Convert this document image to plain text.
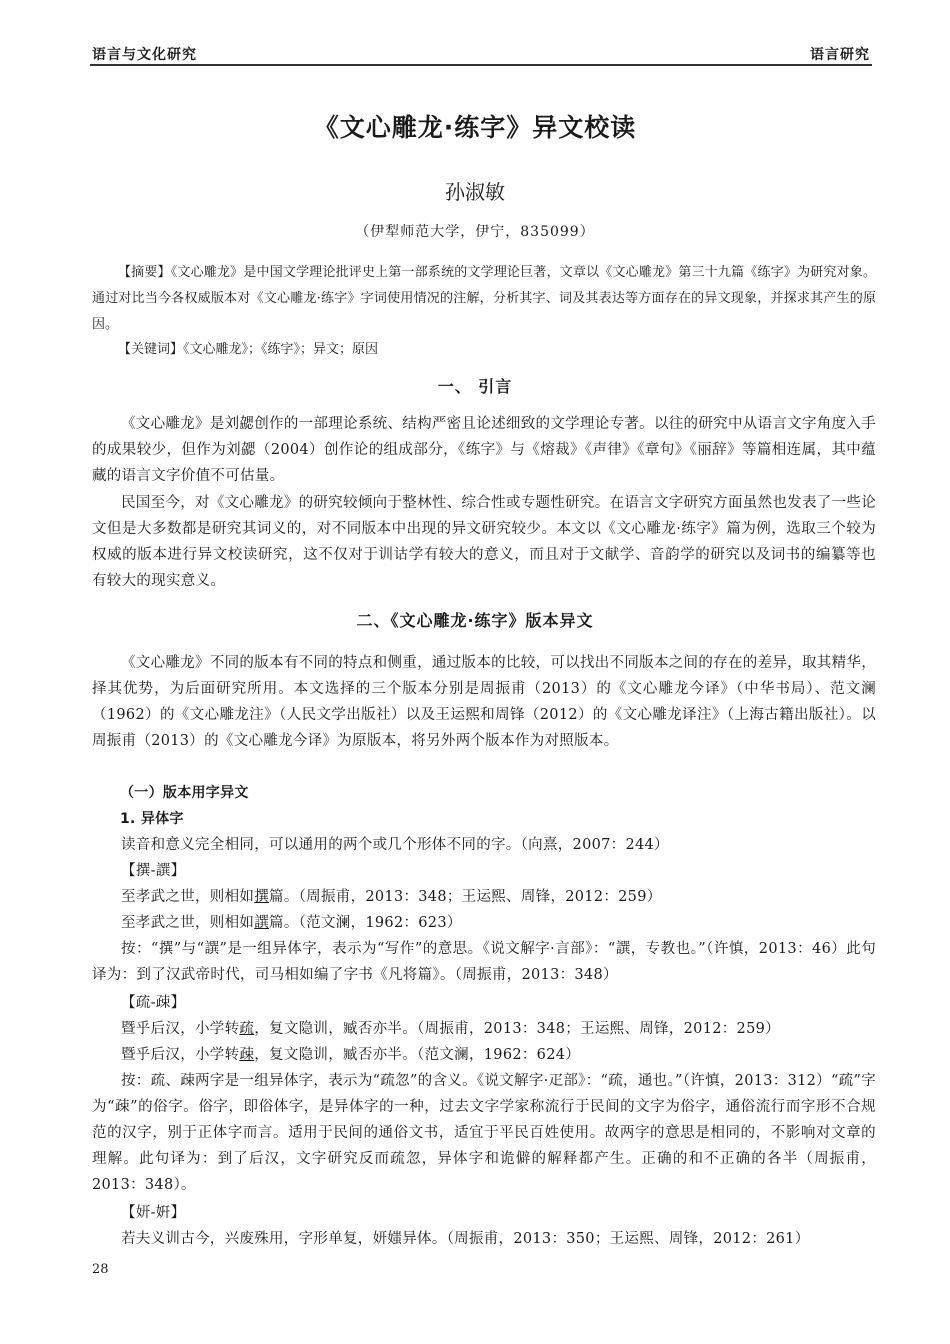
语言与文化研究	语言研究
《文心雕龙·练字》异文校读
孙淑敏
（伊犁师范大学，伊宁，835099）

【摘要】《文心雕龙》是中国文学理论批评史上第一部系统的文学理论巨著，文章以《文心雕龙》第三十九篇《练字》为研究对象。通过对比当今各权威版本对《文心雕龙·练字》字词使用情况的注解，分析其字、词及其表达等方面存在的异文现象，并探求其产生的原因。

【关键词】《文心雕龙》；《练字》；异文；原因

一、 引言

《文心雕龙》是刘勰创作的一部理论系统、结构严密且论述细致的文学理论专著。以往的研究中从语言文字角度入手的成果较少，但作为刘勰（2004）创作论的组成部分，《练字》与《熔裁》《声律》《章句》《丽辞》等篇相连属，其中蕴藏的语言文字价值不可估量。

民国至今，对《文心雕龙》的研究较倾向于整林性、综合性或专题性研究。在语言文字研究方面虽然也发表了一些论文但是大多数都是研究其词义的，对不同版本中出现的异文研究较少。本文以《文心雕龙·练字》篇为例，选取三个较为权威的版本进行异文校读研究，这不仅对于训诂学有较大的意义，而且对于文献学、音韵学的研究以及词书的编纂等也有较大的现实意义。

二、《文心雕龙·练字》版本异文

《文心雕龙》不同的版本有不同的特点和侧重，通过版本的比较，可以找出不同版本之间的存在的差异，取其精华，择其优势，为后面研究所用。本文选择的三个版本分别是周振甫（2013）的《文心雕龙今译》（中华书局）、范文澜（1962）的《文心雕龙注》（人民文学出版社）以及王运熙和周锋（2012）的《文心雕龙译注》（上海古籍出版社）。以周振甫（2013）的《文心雕龙今译》为原版本，将另外两个版本作为对照版本。

（一）版本用字异文
1. 异体字
读音和意义完全相同，可以通用的两个或几个形体不同的字。（向熹，2007：244）
【撰-譔】
至孝武之世，则相如撰篇。（周振甫，2013：348；王运熙、周锋，2012：259）
至孝武之世，则相如譔篇。（范文澜，1962：623）

按：“撰”与“譔”是一组异体字，表示为“写作”的意思。《说文解字·言部》：“譔，专教也。”（许慎，2013：46）此句译为：到了汉武帝时代，司马相如编了字书《凡将篇》。（周振甫，2013：348）

【疏-疎】
暨乎后汉，小学转疏，复文隐训，臧否亦半。（周振甫，2013：348；王运熙、周锋，2012：259）
暨乎后汉，小学转疎，复文隐训，臧否亦半。（范文澜，1962：624）

按：疏、疎两字是一组异体字，表示为“疏忽”的含义。《说文解字·疋部》：“疏，通也。”（许慎，2013：312）“疏”字为“疎”的俗字。俗字，即俗体字，是异体字的一种，过去文字学家称流行于民间的文字为俗字，通俗流行而字形不合规范的汉字，别于正体字而言。适用于民间的通俗文书，适宜于平民百姓使用。故两字的意思是相同的，不影响对文章的理解。此句译为：到了后汉，文字研究反而疏忽，异体字和诡僻的解释都产生。正确的和不正确的各半（周振甫，2013：348）。

【妍-姸】
若夫义训古今，兴废殊用，字形单复，妍媸异体。（周振甫，2013：350；王运熙、周锋，2012：261）
28
